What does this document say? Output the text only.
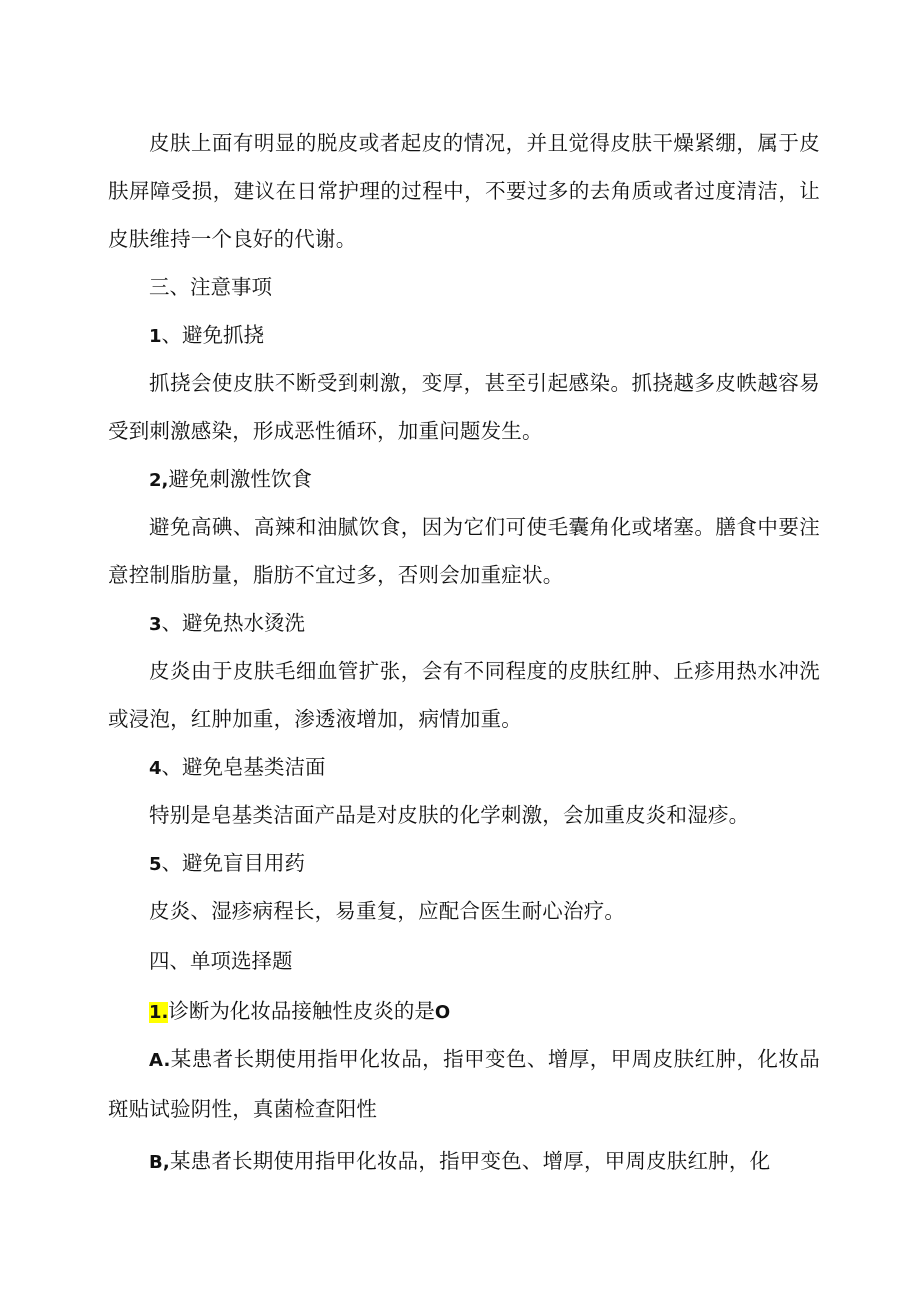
皮肤上面有明显的脱皮或者起皮的情况，并且觉得皮肤干燥紧绷，属于皮肤屏障受损，建议在日常护理的过程中，不要过多的去角质或者过度清洁，让皮肤维持一个良好的代谢。

三、注意事项

1、避免抓挠

抓挠会使皮肤不断受到刺激，变厚，甚至引起感染。抓挠越多皮帙越容易受到刺激感染，形成恶性循环，加重问题发生。

2,避免刺激性饮食

避免高碘、高辣和油腻饮食，因为它们可使毛囊角化或堵塞。膳食中要注意控制脂肪量，脂肪不宜过多，否则会加重症状。

3、避免热水烫洗

皮炎由于皮肤毛细血管扩张，会有不同程度的皮肤红肿、丘疹用热水冲洗或浸泡，红肿加重，渗透液增加，病情加重。

4、避免皂基类洁面

特别是皂基类洁面产品是对皮肤的化学刺激，会加重皮炎和湿疹。

5、避免盲目用药

皮炎、湿疹病程长，易重复，应配合医生耐心治疗。

四、单项选择题

1.诊断为化妆品接触性皮炎的是O

A.某患者长期使用指甲化妆品，指甲变色、增厚，甲周皮肤红肿，化妆品斑贴试验阴性，真菌检查阳性

B,某患者长期使用指甲化妆品，指甲变色、增厚，甲周皮肤红肿，化
